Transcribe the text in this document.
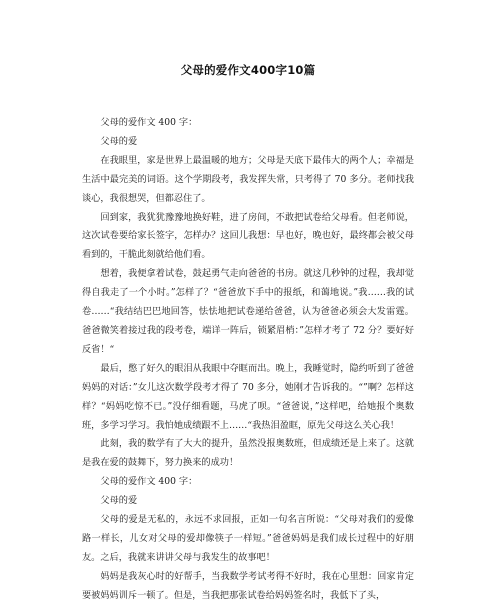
父母的爱作文400字10篇

父母的爱作文 400 字：

父母的爱

在我眼里，家是世界上最温暖的地方；父母是天底下最伟大的两个人；幸福是生活中最完美的词语。这个学期段考，我发挥失常，只考得了 70 多分。老师找我谈心，我很想哭，但都忍住了。

回到家，我犹犹豫豫地换好鞋，进了房间，不敢把试卷给父母看。但老师说，这次试卷要给家长签字，怎样办？这回儿我想：早也好，晚也好，最终都会被父母看到的，干脆此刻就给他们看。

想着，我便拿着试卷，鼓起勇气走向爸爸的书房。就这几秒钟的过程，我却觉得自我走了一个小时。”怎样了？“爸爸放下手中的报纸，和蔼地说。”我……我的试卷……“我结结巴巴地回答，怯怯地把试卷递给爸爸，认为爸爸必须会大发雷霆。爸爸微笑着接过我的段考卷，端详一阵后，锁紧眉梢：”怎样才考了 72 分？要好好反省！“

最后，憋了好久的眼泪从我眼中夺眶而出。晚上，我睡觉时，隐约听到了爸爸妈妈的对话：”女儿这次数学段考才得了 70 多分，她刚才告诉我的。“”啊？怎样这样？“妈妈吃惊不已。”没仔细看题，马虎了呗。“爸爸说，”这样吧，给她报个奥数班，多学习学习。我怕她成绩跟不上……“我热泪盈眶，原先父母这么关心我！

此刻，我的数学有了大大的提升，虽然没报奥数班，但成绩还是上来了。这就是我在爱的鼓舞下，努力换来的成功！

父母的爱作文 400 字：

父母的爱

父母的爱是无私的，永远不求回报，正如一句名言所说：“父母对我们的爱像路一样长，儿女对父母的爱却像筷子一样短。”爸爸妈妈是我们成长过程中的好朋友。之后，我就来讲讲父母与我发生的故事吧！

妈妈是我灰心时的好帮手，当我数学考试考得不好时，我在心里想：回家肯定要被妈妈训斥一顿了。但是，当我把那张试卷给妈妈签名时，我低下了头，
